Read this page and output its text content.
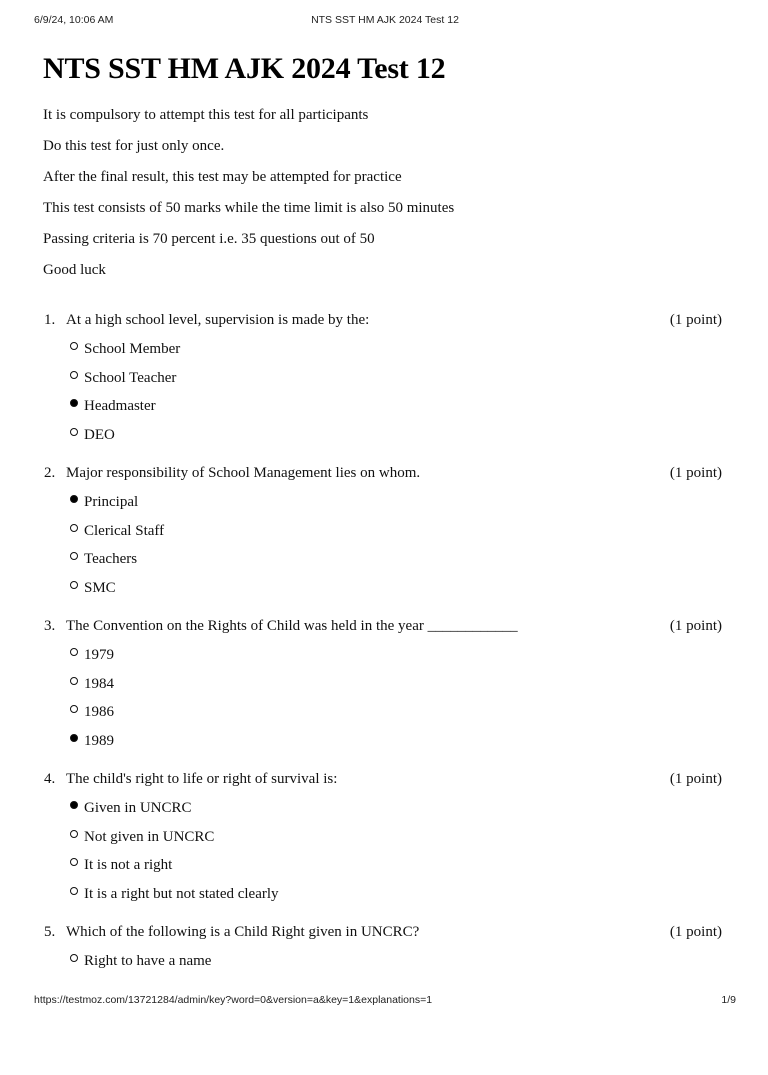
6/9/24, 10:06 AM	NTS SST HM AJK 2024 Test 12
NTS SST HM AJK 2024 Test 12

It is compulsory to attempt this test for all participants

Do this test for just only once.

After the final result, this test may be attempted for practice

This test consists of 50 marks while the time limit is also 50 minutes

Passing criteria is 70 percent i.e. 35 questions out of 50

Good luck

1. At a high school level, supervision is made by the:	(1 point)
School Member
School Teacher
Headmaster
DEO
2. Major responsibility of School Management lies on whom.	(1 point)
Principal
Clerical Staff
Teachers
SMC
3. The Convention on the Rights of Child was held in the year ____________	(1 point)
1979
1984
1986
1989
4. The child's right to life or right of survival is:	(1 point)
Given in UNCRC
Not given in UNCRC
It is not a right
It is a right but not stated clearly
5. Which of the following is a Child Right given in UNCRC?	(1 point)
Right to have a name
https://testmoz.com/13721284/admin/key?word=0&version=a&key=1&explanations=1	1/9
